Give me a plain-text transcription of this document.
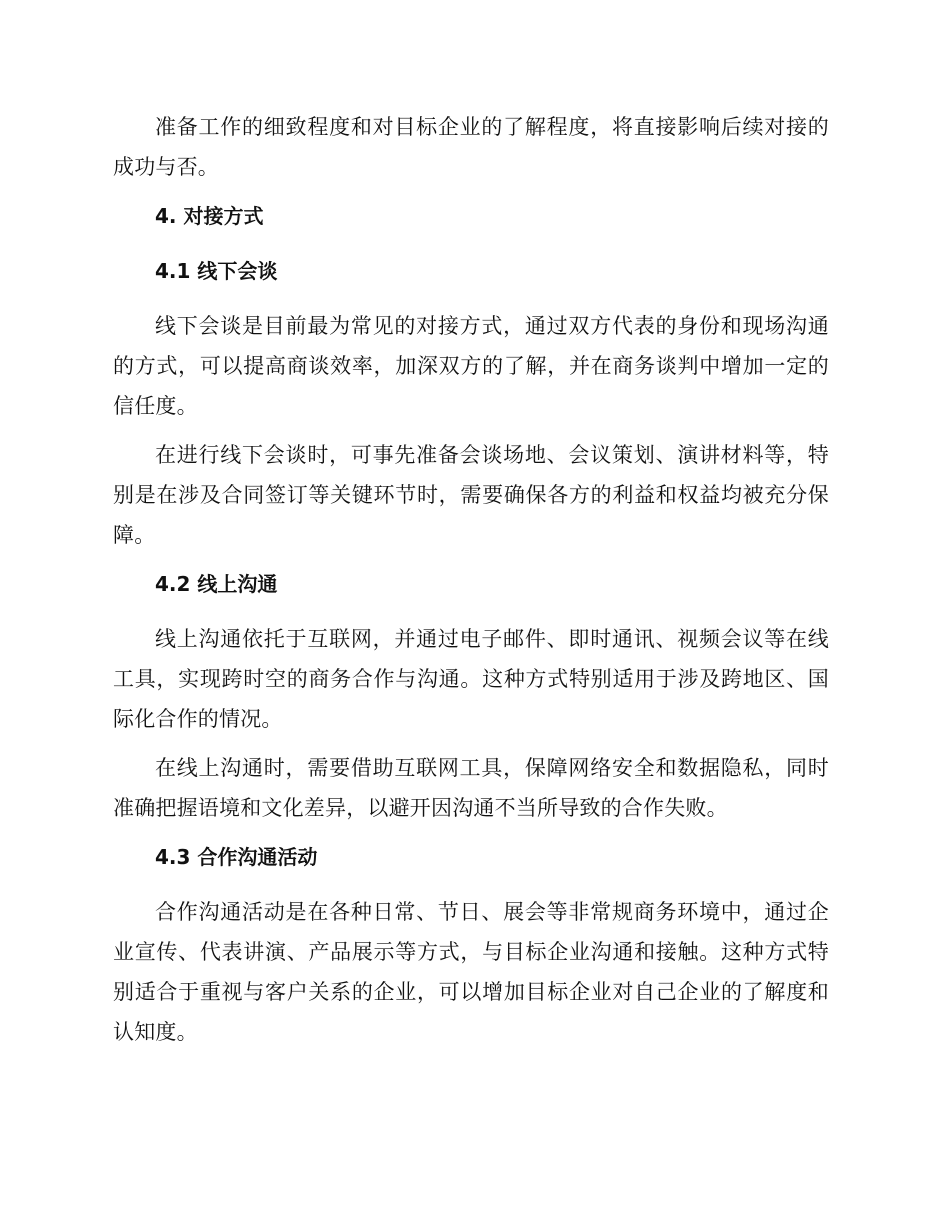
准备工作的细致程度和对目标企业的了解程度，将直接影响后续对接的成功与否。

4. 对接方式
4.1 线下会谈

线下会谈是目前最为常见的对接方式，通过双方代表的身份和现场沟通的方式，可以提高商谈效率，加深双方的了解，并在商务谈判中增加一定的信任度。

在进行线下会谈时，可事先准备会谈场地、会议策划、演讲材料等，特别是在涉及合同签订等关键环节时，需要确保各方的利益和权益均被充分保障。

4.2 线上沟通

线上沟通依托于互联网，并通过电子邮件、即时通讯、视频会议等在线工具，实现跨时空的商务合作与沟通。这种方式特别适用于涉及跨地区、国际化合作的情况。

在线上沟通时，需要借助互联网工具，保障网络安全和数据隐私，同时准确把握语境和文化差异，以避开因沟通不当所导致的合作失败。

4.3 合作沟通活动

合作沟通活动是在各种日常、节日、展会等非常规商务环境中，通过企业宣传、代表讲演、产品展示等方式，与目标企业沟通和接触。这种方式特别适合于重视与客户关系的企业，可以增加目标企业对自己企业的了解度和认知度。
